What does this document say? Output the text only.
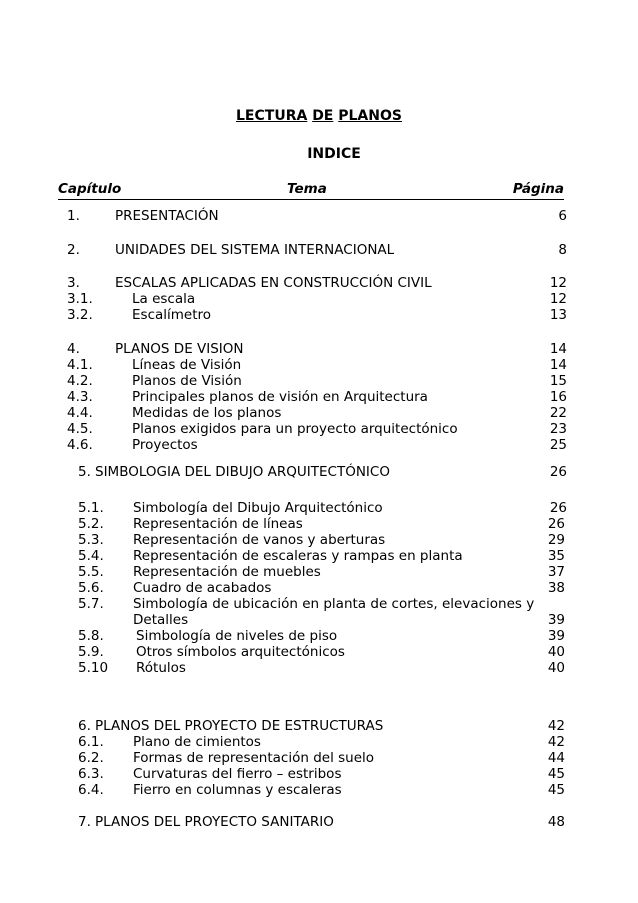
LECTURA DE PLANOS
INDICE
Capítulo	Tema	Página
1.	PRESENTACIÓN	6
2.	UNIDADES DEL SISTEMA INTERNACIONAL	8
3.	ESCALAS APLICADAS EN CONSTRUCCIÓN CIVIL	12
3.1.	La escala	12
3.2.	Escalímetro	13
4.	PLANOS DE VISION	14
4.1.	Líneas de Visión	14
4.2.	Planos de Visión	15
4.3.	Principales planos de visión en Arquitectura	16
4.4.	Medidas de los planos	22
4.5.	Planos exigidos para un proyecto arquitectónico	23
4.6.	Proyectos	25
5. SIMBOLOGIA DEL DIBUJO ARQUITECTÓNICO	26
5.1. Simbología del Dibujo Arquitectónico	26
5.2. Representación de líneas	26
5.3. Representación de vanos y aberturas	29
5.4. Representación de escaleras y rampas en planta	35
5.5. Representación de muebles	37
5.6. Cuadro de acabados	38
5.7. Simbología de ubicación en planta de cortes, elevaciones y
Detalles	39
5.8. Simbología de niveles de piso	39
5.9. Otros símbolos arquitectónicos	40
5.10 Rótulos	40
6. PLANOS DEL PROYECTO DE ESTRUCTURAS	42
6.1. Plano de cimientos	42
6.2. Formas de representación del suelo	44
6.3. Curvaturas del fierro – estribos	45
6.4. Fierro en columnas y escaleras	45
7. PLANOS DEL PROYECTO SANITARIO	48
